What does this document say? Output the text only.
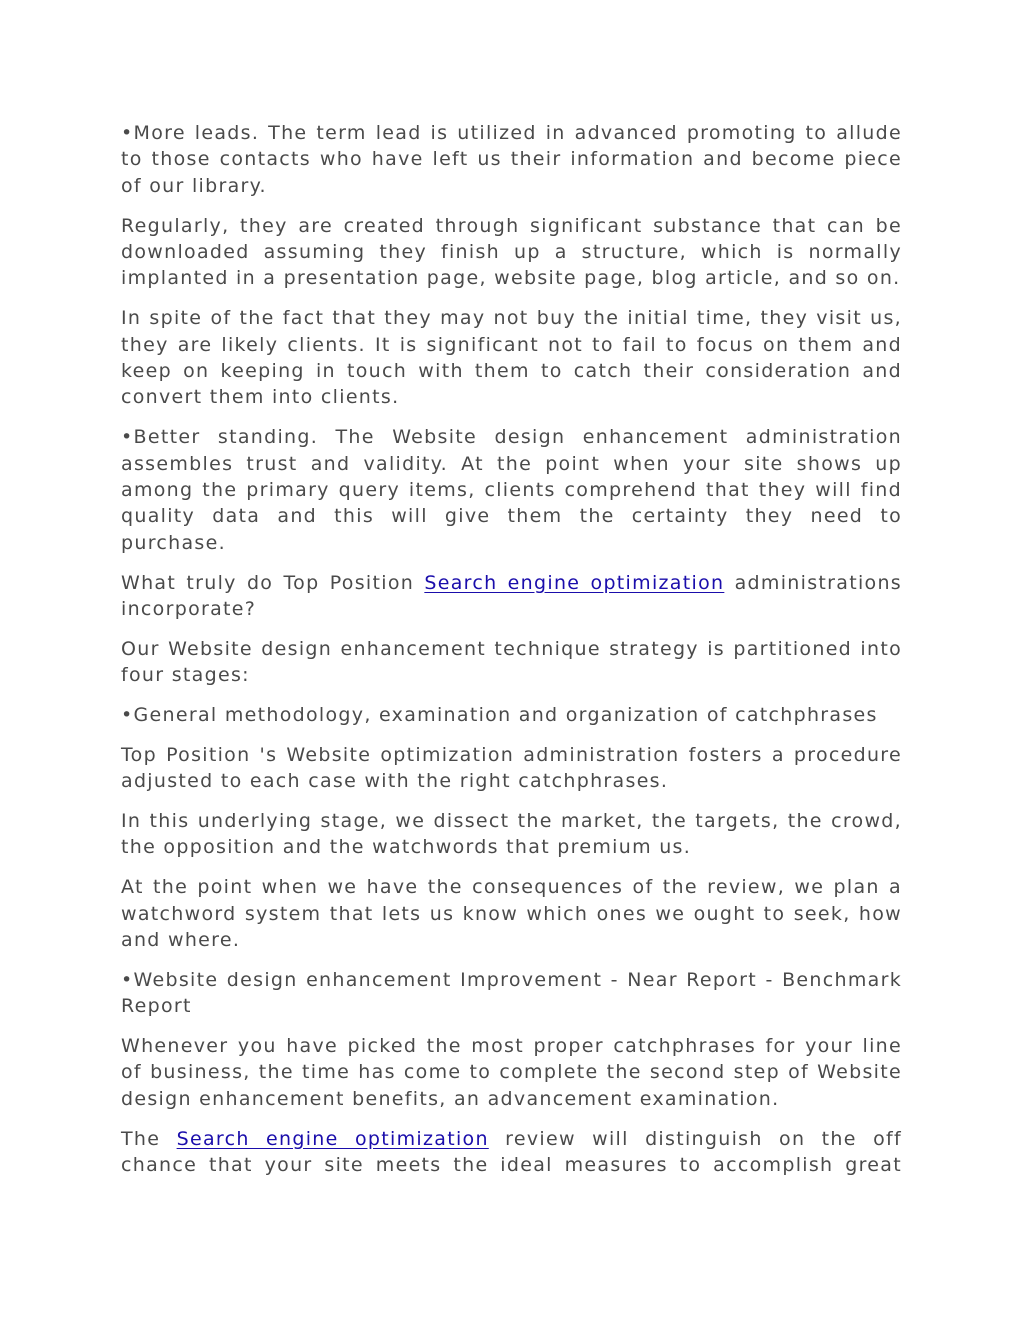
•More leads. The term lead is utilized in advanced promoting to allude to those contacts who have left us their information and become piece of our library.

Regularly, they are created through significant substance that can be downloaded assuming they finish up a structure, which is normally implanted in a presentation page, website page, blog article, and so on.

In spite of the fact that they may not buy the initial time, they visit us, they are likely clients. It is significant not to fail to focus on them and keep on keeping in touch with them to catch their consideration and convert them into clients.

•Better standing. The Website design enhancement administration assembles trust and validity. At the point when your site shows up among the primary query items, clients comprehend that they will find quality data and this will give them the certainty they need to purchase.

What truly do Top Position Search engine optimization administrations incorporate?

Our Website design enhancement technique strategy is partitioned into four stages:

•General methodology, examination and organization of catchphrases

Top Position 's Website optimization administration fosters a procedure adjusted to each case with the right catchphrases.

In this underlying stage, we dissect the market, the targets, the crowd, the opposition and the watchwords that premium us.

At the point when we have the consequences of the review, we plan a watchword system that lets us know which ones we ought to seek, how and where.

•Website design enhancement Improvement - Near Report - Benchmark Report

Whenever you have picked the most proper catchphrases for your line of business, the time has come to complete the second step of Website design enhancement benefits, an advancement examination.

The Search engine optimization review will distinguish on the off chance that your site meets the ideal measures to accomplish great
